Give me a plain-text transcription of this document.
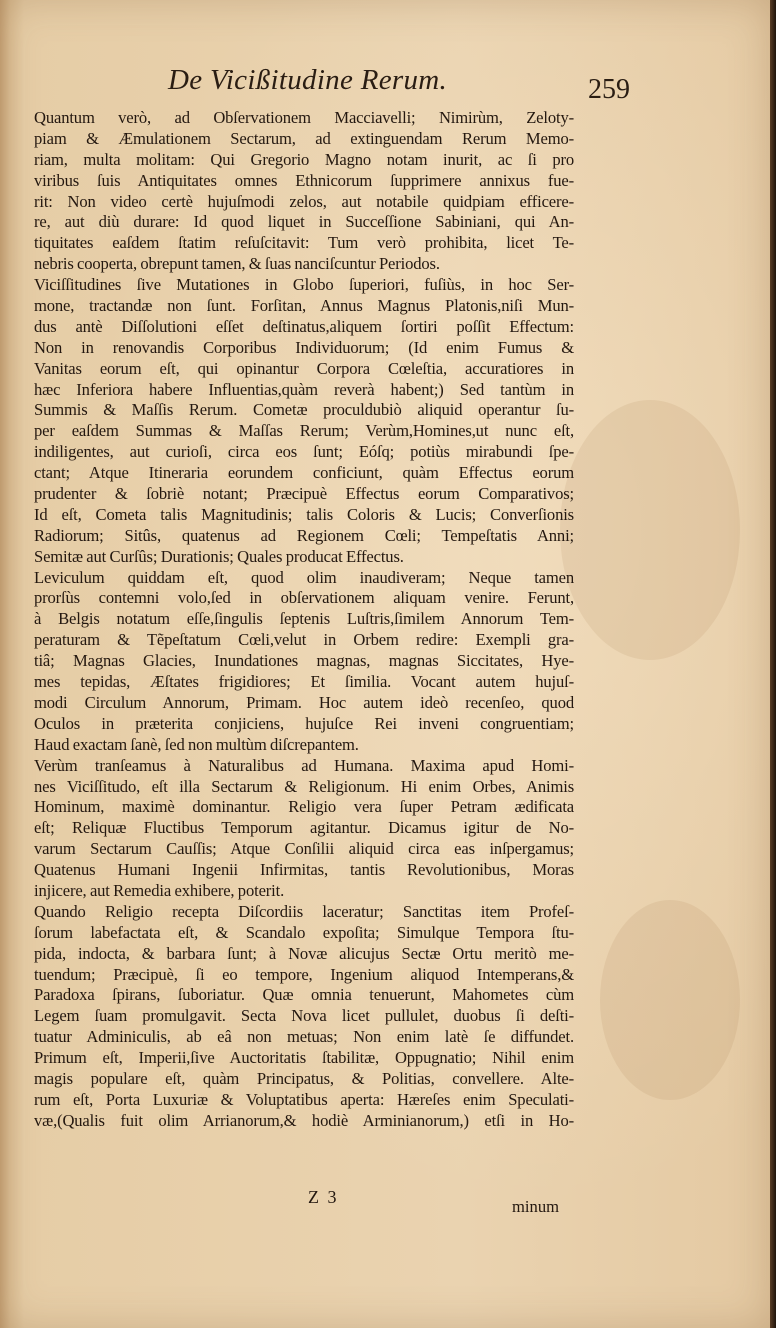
De Vicißitudine Rerum.	259
Quantum verò, ad Obſervationem Macciavelli; Nimirùm, Zeloty-
piam & Æmulationem Sectarum, ad extinguendam Rerum Memo-
riam, multa molitam: Qui Gregorio Magno notam inurit, ac ſi pro
viribus ſuis Antiquitates omnes Ethnicorum ſupprimere annixus fue-
rit: Non video certè hujuſmodi zelos, aut notabile quidpiam efficere-
re, aut diù durare: Id quod liquet in Succeſſione Sabiniani, qui An-
tiquitates eaſdem ſtatim reſuſcitavit: Tum verò prohibita, licet Te-
nebris cooperta, obrepunt tamen, & ſuas nanciſcuntur Periodos.
Viciſſitudines ſive Mutationes in Globo ſuperiori, fuſiùs, in hoc Ser-
mone, tractandæ non ſunt. Forſitan, Annus Magnus Platonis,niſi Mun-
dus antè Diſſolutioni eſſet deſtinatus,aliquem ſortiri poſſit Effectum:
Non in renovandis Corporibus Individuorum; (Id enim Fumus &
Vanitas eorum eſt, qui opinantur Corpora Cœleſtia, accuratiores in
hæc Inferiora habere Influentias,quàm reverà habent;) Sed tantùm in
Summis & Maſſis Rerum. Cometæ proculdubiò aliquid operantur ſu-
per eaſdem Summas & Maſſas Rerum; Verùm,Homines,ut nunc eſt,
indiligentes, aut curioſi, circa eos ſunt; Eóſq; potiùs mirabundi ſpe-
ctant; Atque Itineraria eorundem conficiunt, quàm Effectus eorum
prudenter & ſobriè notant; Præcipuè Effectus eorum Comparativos;
Id eſt, Cometa talis Magnitudinis; talis Coloris & Lucis; Converſionis
Radiorum; Sitûs, quatenus ad Regionem Cœli; Tempeſtatis Anni;
Semitæ aut Curſûs; Durationis; Quales producat Effectus.
Leviculum quiddam eſt, quod olim inaudiveram; Neque tamen
prorſùs contemni volo,ſed in obſervationem aliquam venire. Ferunt,
à Belgis notatum eſſe,ſingulis ſeptenis Luſtris,ſimilem Annorum Tem-
peraturam & Tẽpeſtatum Cœli,velut in Orbem redire: Exempli gra-
tiâ; Magnas Glacies, Inundationes magnas, magnas Siccitates, Hye-
mes tepidas, Æſtates frigidiores; Et ſimilia. Vocant autem hujuſ-
modi Circulum Annorum, Primam. Hoc autem ideò recenſeo, quod
Oculos in præterita conjiciens, hujuſce Rei inveni congruentiam;
Haud exactam ſanè, ſed non multùm diſcrepantem.
Verùm tranſeamus à Naturalibus ad Humana. Maxima apud Homi-
nes Viciſſitudo, eſt illa Sectarum & Religionum. Hi enim Orbes, Animis
Hominum, maximè dominantur. Religio vera ſuper Petram ædificata
eſt; Reliquæ Fluctibus Temporum agitantur. Dicamus igitur de No-
varum Sectarum Cauſſis; Atque Conſilii aliquid circa eas inſpergamus;
Quatenus Humani Ingenii Infirmitas, tantis Revolutionibus, Moras
injicere, aut Remedia exhibere, poterit.
Quando Religio recepta Diſcordiis laceratur; Sanctitas item Profeſ-
ſorum labefactata eſt, & Scandalo expoſita; Simulque Tempora ſtu-
pida, indocta, & barbara ſunt; à Novæ alicujus Sectæ Ortu meritò me-
tuendum; Præcipuè, ſi eo tempore, Ingenium aliquod Intemperans,&
Paradoxa ſpirans, ſuboriatur. Quæ omnia tenuerunt, Mahometes cùm
Legem ſuam promulgavit. Secta Nova licet pullulet, duobus ſi deſti-
tuatur Adminiculis, ab eâ non metuas; Non enim latè ſe diffundet.
Primum eſt, Imperii,ſive Auctoritatis ſtabilitæ, Oppugnatio; Nihil enim
magis populare eſt, quàm Principatus, & Politias, convellere. Alte-
rum eſt, Porta Luxuriæ & Voluptatibus aperta: Hæreſes enim Speculati-
væ,(Qualis fuit olim Arrianorum,& hodiè Arminianorum,) etſi in Ho-
Z 3	minum
